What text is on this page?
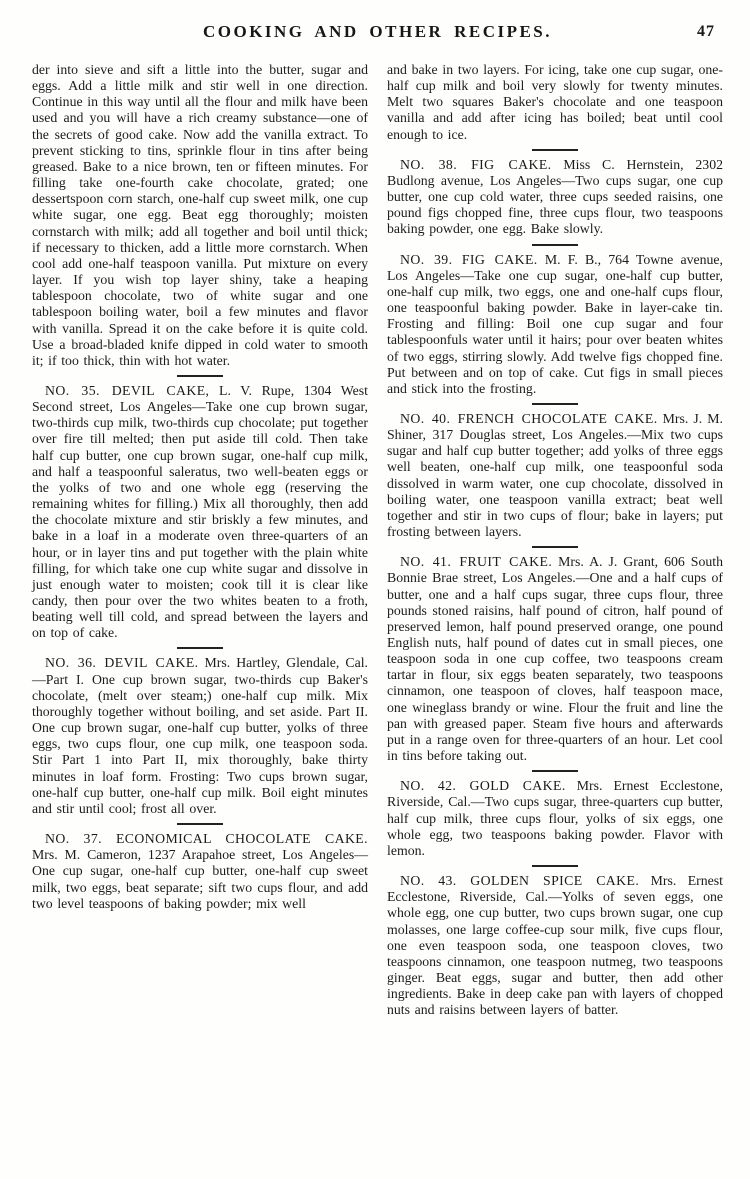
COOKING AND OTHER RECIPES.	47

der into sieve and sift a little into the butter, sugar and eggs. Add a little milk and stir well in one direction. Continue in this way until all the flour and milk have been used and you will have a rich creamy substance—one of the secrets of good cake. Now add the vanilla extract. To prevent sticking to tins, sprinkle flour in tins after being greased. Bake to a nice brown, ten or fifteen minutes. For filling take one-fourth cake chocolate, grated; one dessertspoon corn starch, one-half cup sweet milk, one cup white sugar, one egg. Beat egg thoroughly; moisten cornstarch with milk; add all together and boil until thick; if necessary to thicken, add a little more cornstarch. When cool add one-half teaspoon vanilla. Put mixture on every layer. If you wish top layer shiny, take a heaping tablespoon chocolate, two of white sugar and one tablespoon boiling water, boil a few minutes and flavor with vanilla. Spread it on the cake before it is quite cold. Use a broad-bladed knife dipped in cold water to smooth it; if too thick, thin with hot water.

NO. 35. DEVIL CAKE, L. V. Rupe, 1304 West Second street, Los Angeles—Take one cup brown sugar, two-thirds cup milk, two-thirds cup chocolate; put together over fire till melted; then put aside till cold. Then take half cup butter, one cup brown sugar, one-half cup milk, and half a teaspoonful saleratus, two well-beaten eggs or the yolks of two and one whole egg (reserving the remaining whites for filling.) Mix all thoroughly, then add the chocolate mixture and stir briskly a few minutes, and bake in a loaf in a moderate oven three-quarters of an hour, or in layer tins and put together with the plain white filling, for which take one cup white sugar and dissolve in just enough water to moisten; cook till it is clear like candy, then pour over the two whites beaten to a froth, beating well till cold, and spread between the layers and on top of cake.

NO. 36. DEVIL CAKE. Mrs. Hartley, Glendale, Cal.—Part I. One cup brown sugar, two-thirds cup Baker's chocolate, (melt over steam;) one-half cup milk. Mix thoroughly together without boiling, and set aside. Part II. One cup brown sugar, one-half cup butter, yolks of three eggs, two cups flour, one cup milk, one teaspoon soda. Stir Part 1 into Part II, mix thoroughly, bake thirty minutes in loaf form. Frosting: Two cups brown sugar, one-half cup butter, one-half cup milk. Boil eight minutes and stir until cool; frost all over.

NO. 37. ECONOMICAL CHOCOLATE CAKE. Mrs. M. Cameron, 1237 Arapahoe street, Los Angeles—One cup sugar, one-half cup butter, one-half cup sweet milk, two eggs, beat separate; sift two cups flour, and add two level teaspoons of baking powder; mix well

and bake in two layers. For icing, take one cup sugar, one-half cup milk and boil very slowly for twenty minutes. Melt two squares Baker's chocolate and one teaspoon vanilla and add after icing has boiled; beat until cool enough to ice.

NO. 38. FIG CAKE. Miss C. Hernstein, 2302 Budlong avenue, Los Angeles—Two cups sugar, one cup butter, one cup cold water, three cups seeded raisins, one pound figs chopped fine, three cups flour, two teaspoons baking powder, one egg. Bake slowly.

NO. 39. FIG CAKE. M. F. B., 764 Towne avenue, Los Angeles—Take one cup sugar, one-half cup butter, one-half cup milk, two eggs, one and one-half cups flour, one teaspoonful baking powder. Bake in layer-cake tin. Frosting and filling: Boil one cup sugar and four tablespoonfuls water until it hairs; pour over beaten whites of two eggs, stirring slowly. Add twelve figs chopped fine. Put between and on top of cake. Cut figs in small pieces and stick into the frosting.

NO. 40. FRENCH CHOCOLATE CAKE. Mrs. J. M. Shiner, 317 Douglas street, Los Angeles.—Mix two cups sugar and half cup butter together; add yolks of three eggs well beaten, one-half cup milk, one teaspoonful soda dissolved in warm water, one cup chocolate, dissolved in boiling water, one teaspoon vanilla extract; beat well together and stir in two cups of flour; bake in layers; put frosting between layers.

NO. 41. FRUIT CAKE. Mrs. A. J. Grant, 606 South Bonnie Brae street, Los Angeles.—One and a half cups of butter, one and a half cups sugar, three cups flour, three pounds stoned raisins, half pound of citron, half pound of preserved lemon, half pound preserved orange, one pound English nuts, half pound of dates cut in small pieces, one teaspoon soda in one cup coffee, two teaspoons cream tartar in flour, six eggs beaten separately, two teaspoons cinnamon, one teaspoon of cloves, half teaspoon mace, one wineglass brandy or wine. Flour the fruit and line the pan with greased paper. Steam five hours and afterwards put in a range oven for three-quarters of an hour. Let cool in tins before taking out.

NO. 42. GOLD CAKE. Mrs. Ernest Ecclestone, Riverside, Cal.—Two cups sugar, three-quarters cup butter, half cup milk, three cups flour, yolks of six eggs, one whole egg, two teaspoons baking powder. Flavor with lemon.

NO. 43. GOLDEN SPICE CAKE. Mrs. Ernest Ecclestone, Riverside, Cal.—Yolks of seven eggs, one whole egg, one cup butter, two cups brown sugar, one cup molasses, one large coffee-cup sour milk, five cups flour, one even teaspoon soda, one teaspoon cloves, two teaspoons cinnamon, one teaspoon nutmeg, two teaspoons ginger. Beat eggs, sugar and butter, then add other ingredients. Bake in deep cake pan with layers of chopped nuts and raisins between layers of batter.
